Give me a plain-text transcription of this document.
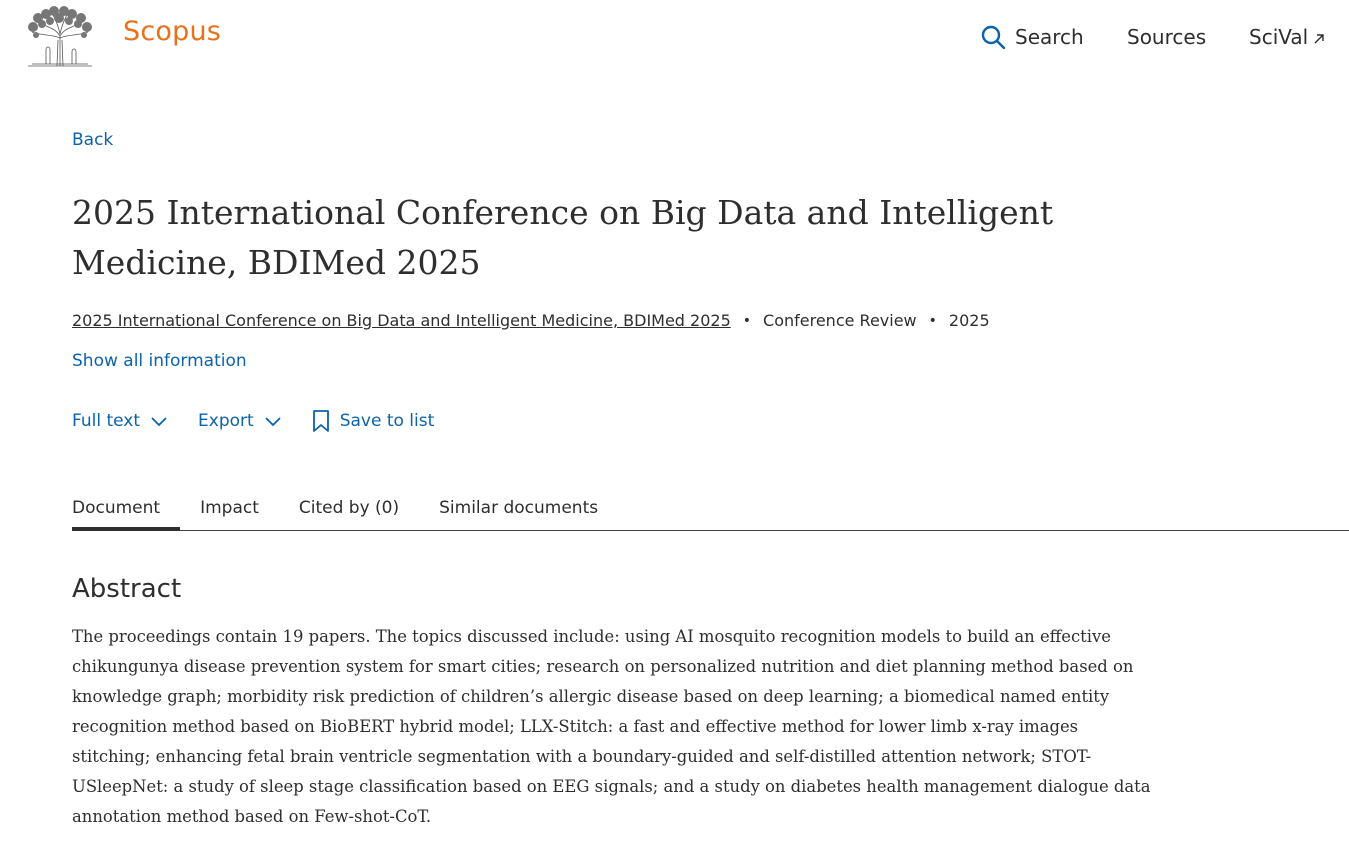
Scopus	Search Sources SciVal
Back
2025 International Conference on Big Data and Intelligent Medicine, BDIMed 2025
2025 International Conference on Big Data and Intelligent Medicine, BDIMed 2025 • Conference Review • 2025
Show all information
Full text	Export	Save to list
Document Impact Cited by (0) Similar documents
Abstract

The proceedings contain 19 papers. The topics discussed include: using AI mosquito recognition models to build an effective chikungunya disease prevention system for smart cities; research on personalized nutrition and diet planning method based on knowledge graph; morbidity risk prediction of children’s allergic disease based on deep learning; a biomedical named entity recognition method based on BioBERT hybrid model; LLX-Stitch: a fast and effective method for lower limb x-ray images stitching; enhancing fetal brain ventricle segmentation with a boundary-guided and self-distilled attention network; STOT-USleepNet: a study of sleep stage classification based on EEG signals; and a study on diabetes health management dialogue data annotation method based on Few-shot-CoT.
